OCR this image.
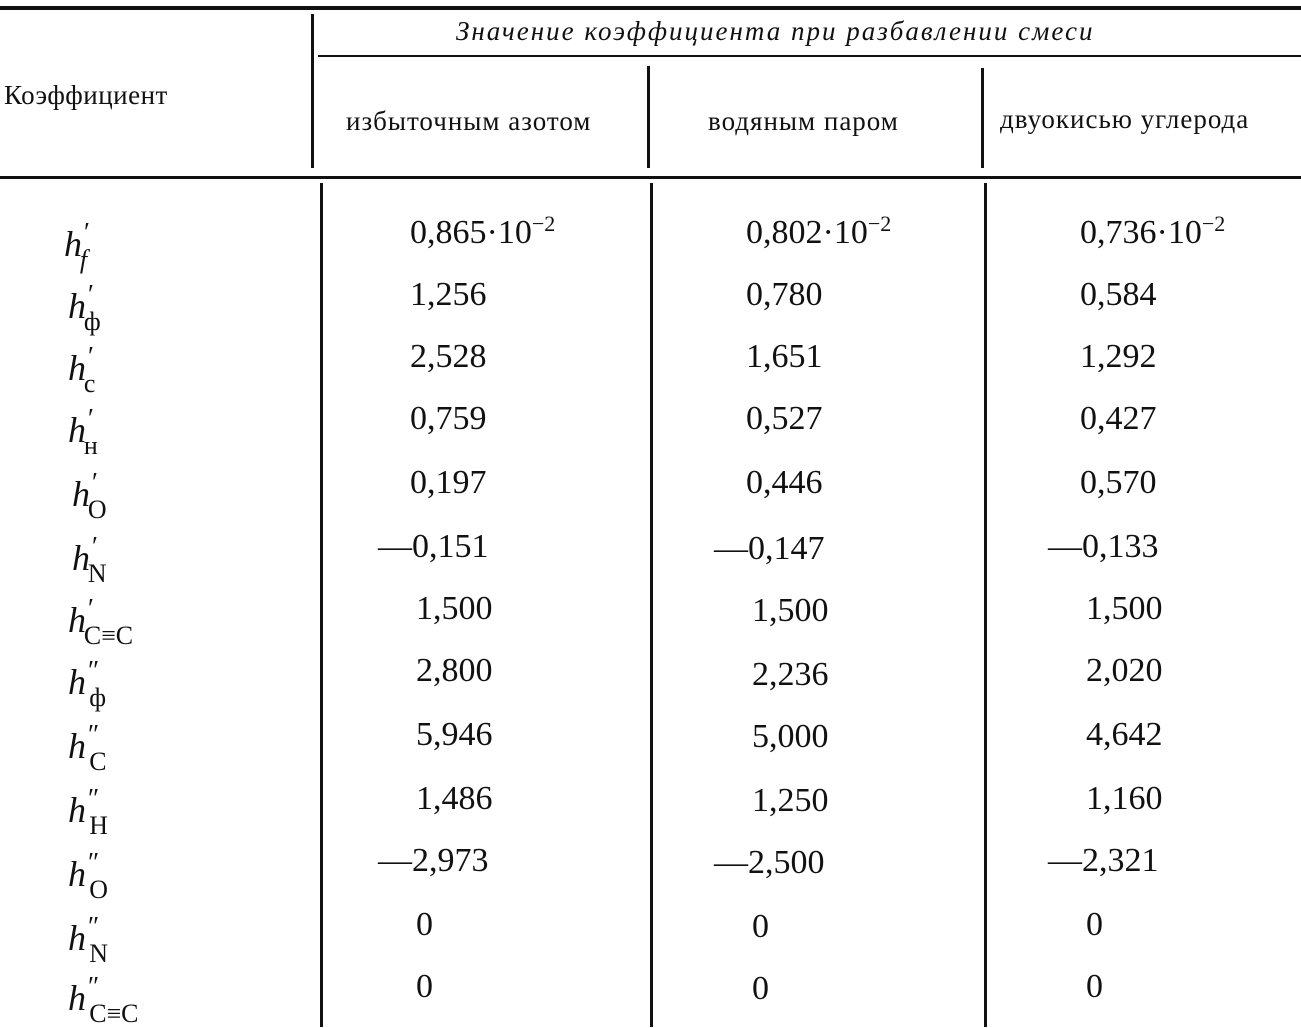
Коэффициент
Значение коэффициента при разбавлении смеси
избыточным азотом	водяным паром	двуокисью углерода
$h'_f$
$0,865\cdot 10^{-2}$	$0,802\cdot 10^{-2}$	$0,736\cdot 10^{-2}$
$h'_ф$
1,256	0,780	0,584
$h'_с$
2,528	1,651	1,292
$h'_н$
0,759	0,527	0,427
$h'_O$
0,197	0,446	0,570
$h'_N$
—0,151	—0,147	—0,133
$h'_{C\equiv C}$
1,500	1,500	1,500
$h''_ф$
2,800	2,236	2,020
$h''_C$
5,946	5,000	4,642
$h''_H$
1,486	1,250	1,160
$h''_O$
—2,973	—2,500	—2,321
$h''_N$
0	0	0
$h''_{C\equiv C}$
0	0	0
